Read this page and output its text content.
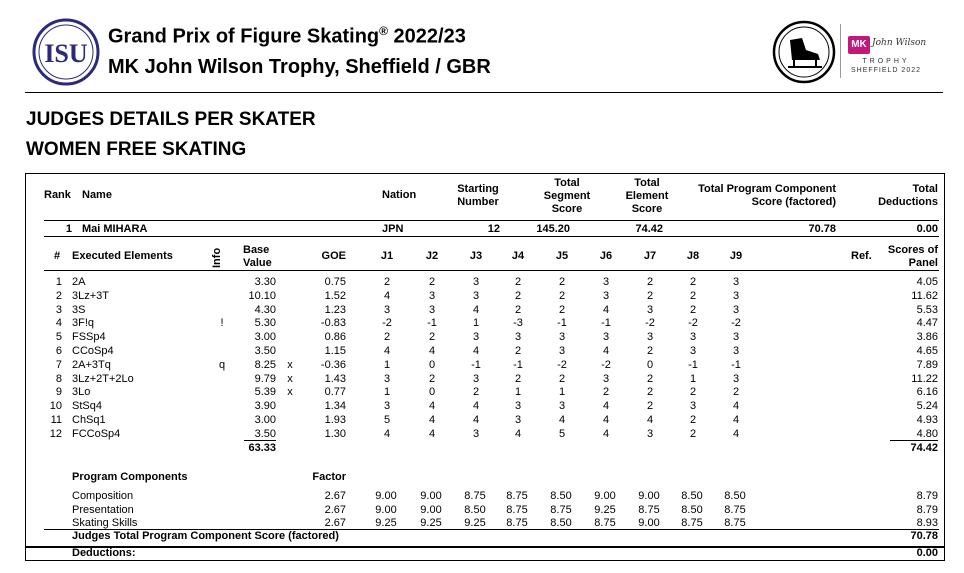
ISU
Grand Prix of Figure Skating® 2022/23
MK John Wilson Trophy, Sheffield / GBR
MK John Wilson
TROPHY
SHEFFIELD 2022
JUDGES DETAILS PER SKATER
WOMEN FREE SKATING
Rank Name	Nation	Starting
Number
Total
Segment
Score
Total
Element
Score
Total Program Component
Score (factored)
Total
Deductions
1 Mai MIHARA	JPN	12	145.20	74.42	70.78	0.00
# Executed Elements	Info Base
Value
GOE	J1	J2	J3	J4	J5	J6	J7	J8	J9	Ref.	Scores of
Panel
1 2A	3.30	0.75	2	2	3	2	2	3	2	2	3	4.05
2 3Lz+3T	10.10	1.52	4	3	3	2	2	3	2	2	3	11.62
3 3S	4.30	1.23	3	3	4	2	2	4	3	2	3	5.53
4 3F!q	!	5.30	-0.83	-2	-1	1	-3	-1	-1	-2	-2	-2	4.47
5 FSSp4	3.00	0.86	2	2	3	3	3	3	3	3	3	3.86
6 CCoSp4	3.50	1.15	4	4	4	2	3	4	2	3	3	4.65
7 2A+3Tq	q	8.25 x	-0.36	1	0	-1	-1	-2	-2	0	-1	-1	7.89
8 3Lz+2T+2Lo	9.79 x	1.43	3	2	3	2	2	3	2	1	3	11.22
9 3Lo	5.39 x	0.77	1	0	2	1	1	2	2	2	2	6.16
10 StSq4	3.90	1.34	3	4	4	3	3	4	2	3	4	5.24
11 ChSq1	3.00	1.93	5	4	4	3	4	4	4	2	4	4.93
12 FCCoSp4	3.50	1.30	4	4	3	4	5	4	3	2	4	4.80
63.33	74.42
Program Components	Factor
Composition	2.67	9.00	9.00	8.75	8.75	8.50	9.00	9.00	8.50	8.50	8.79
Presentation	2.67	9.00	9.00	8.50	8.75	8.75	9.25	8.75	8.50	8.75	8.79
Skating Skills	2.67	9.25	9.25	9.25	8.75	8.50	8.75	9.00	8.75	8.75	8.93
Judges Total Program Component Score (factored)	70.78
Deductions:	0.00
